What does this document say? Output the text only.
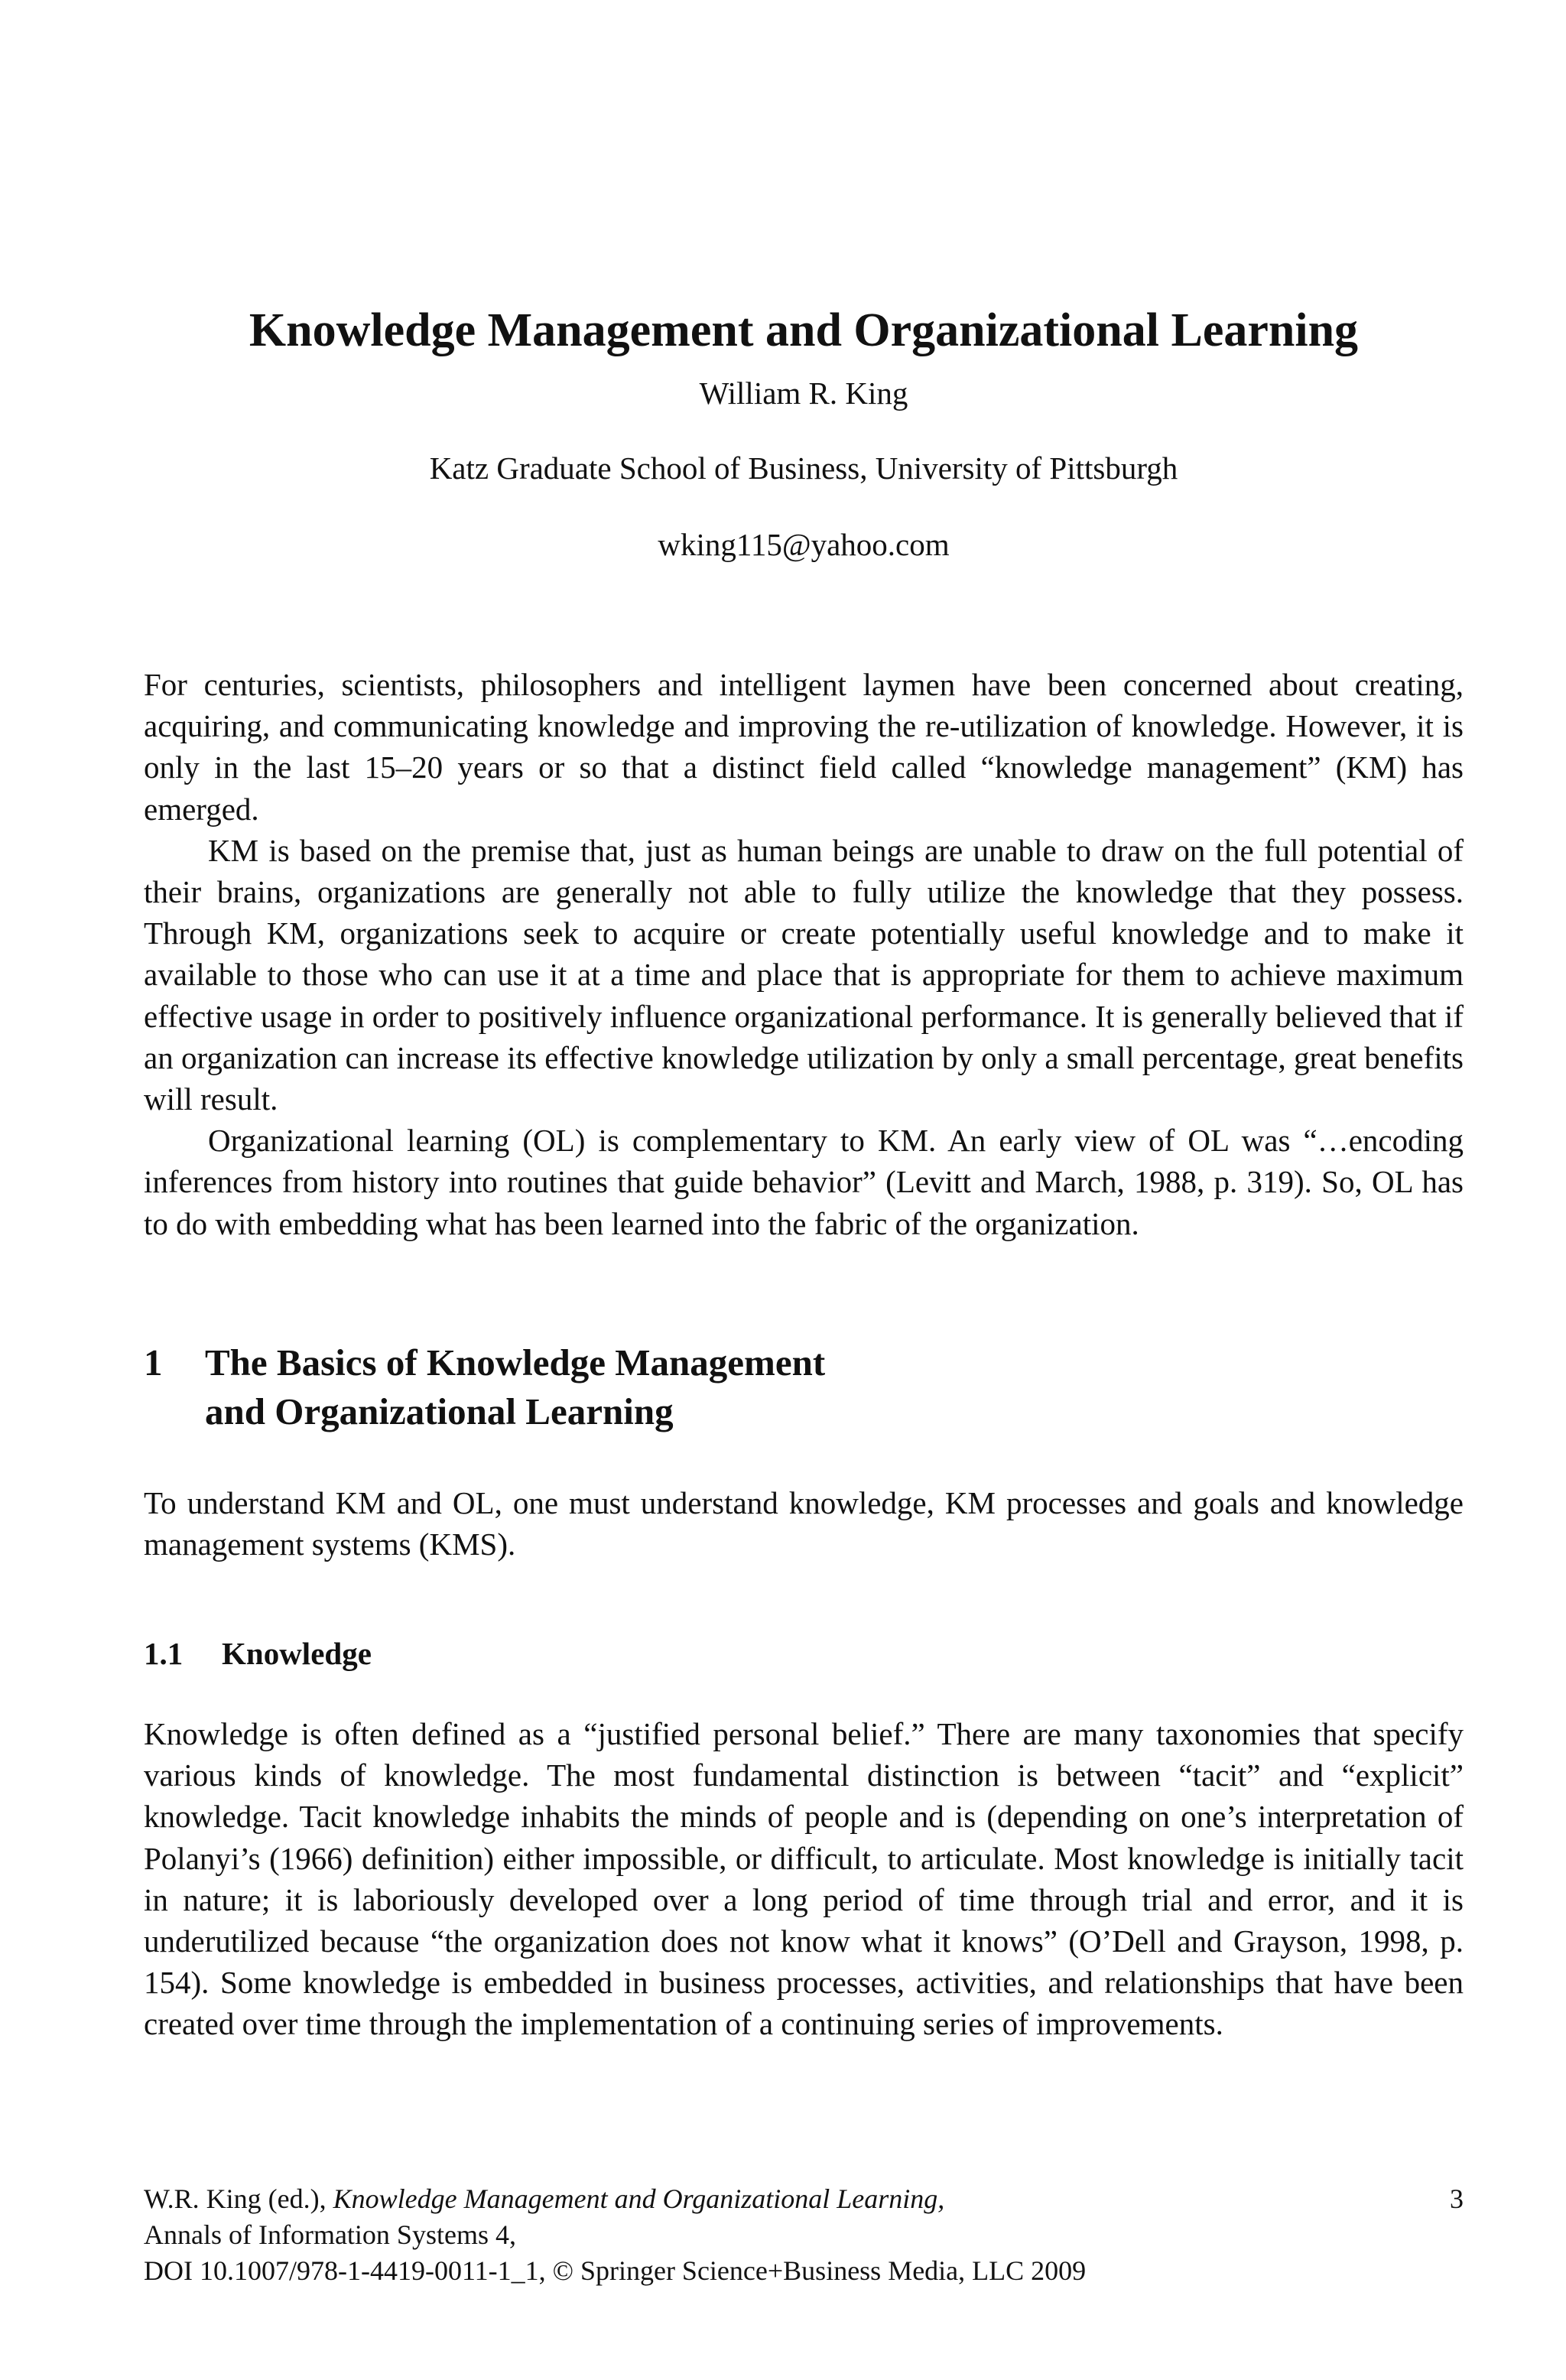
Knowledge Management and Organizational Learning

William R. King

Katz Graduate School of Business, University of Pittsburgh

wking115@yahoo.com

For centuries, scientists, philosophers and intelligent laymen have been concerned about creating, acquiring, and communicating knowledge and improving the re-utilization of knowledge. However, it is only in the last 15–20 years or so that a distinct field called “knowledge management” (KM) has emerged.

KM is based on the premise that, just as human beings are unable to draw on the full potential of their brains, organizations are generally not able to fully utilize the knowledge that they possess. Through KM, organizations seek to acquire or create potentially useful knowledge and to make it available to those who can use it at a time and place that is appropriate for them to achieve maximum effective usage in order to positively influence organizational performance. It is generally believed that if an organization can increase its effective knowledge utilization by only a small percentage, great benefits will result.

Organizational learning (OL) is complementary to KM. An early view of OL was “…encoding inferences from history into routines that guide behavior” (Levitt and March, 1988, p. 319). So, OL has to do with embedding what has been learned into the fabric of the organization.

1	The Basics of Knowledge Management
and Organizational Learning

To understand KM and OL, one must understand knowledge, KM processes and goals and knowledge management systems (KMS).

1.1	Knowledge

Knowledge is often defined as a “justified personal belief.” There are many taxonomies that specify various kinds of knowledge. The most fundamental distinction is between “tacit” and “explicit” knowledge. Tacit knowledge inhabits the minds of people and is (depending on one’s interpretation of Polanyi’s (1966) definition) either impossible, or difficult, to articulate. Most knowledge is initially tacit in nature; it is laboriously developed over a long period of time through trial and error, and it is underutilized because “the organization does not know what it knows” (O’Dell and Grayson, 1998, p. 154). Some knowledge is embedded in business processes, activities, and relationships that have been created over time through the implementation of a continuing series of improvements.

W.R. King (ed.), Knowledge Management and Organizational Learning,

Annals of Information Systems 4,

DOI 10.1007/978-1-4419-0011-1_1, © Springer Science+Business Media, LLC 2009

3
